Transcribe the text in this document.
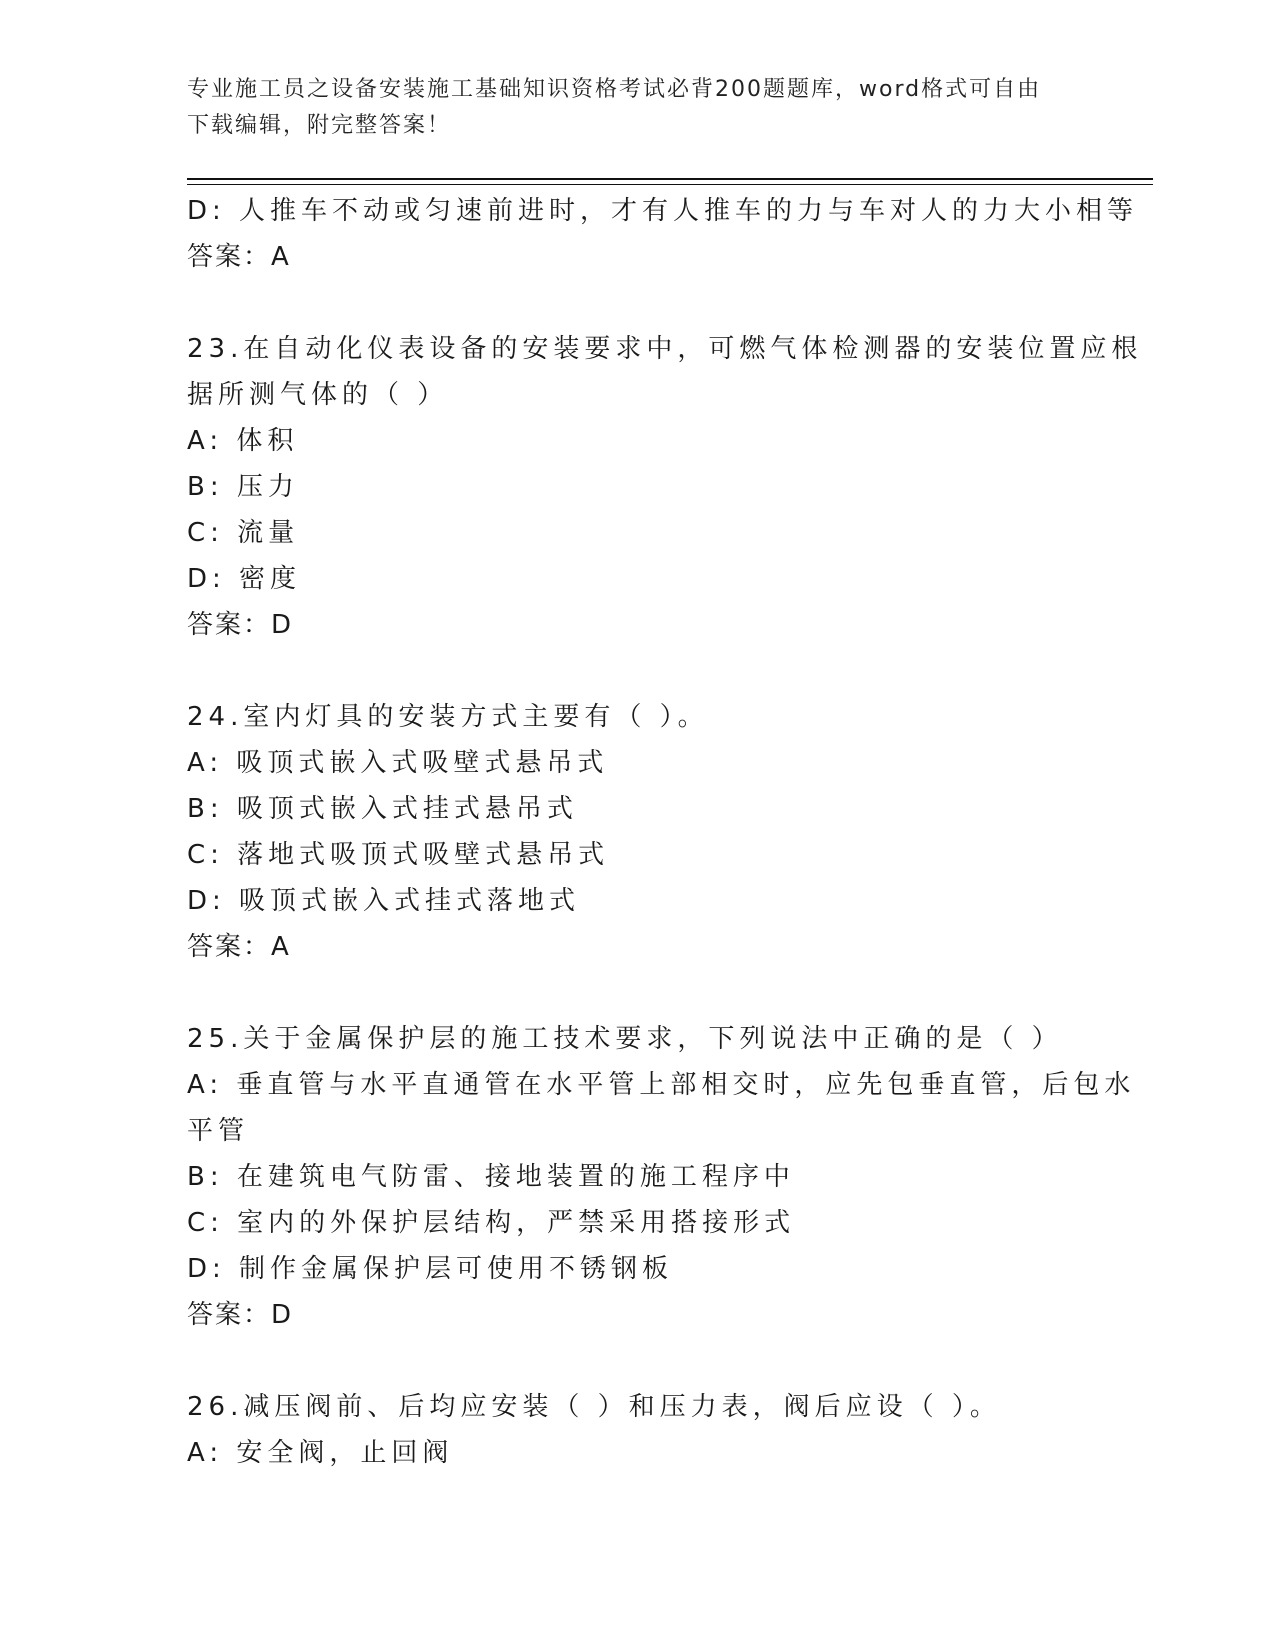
专业施工员之设备安装施工基础知识资格考试必背200题题库，word格式可自由
下载编辑，附完整答案！
D: 人推车不动或匀速前进时，才有人推车的力与车对人的力大小相等
答案：A
23.在自动化仪表设备的安装要求中，可燃气体检测器的安装位置应根
据所测气体的（ ）
A: 体积
B: 压力
C: 流量
D: 密度
答案：D
24.室内灯具的安装方式主要有（ ）。
A: 吸顶式嵌入式吸壁式悬吊式
B: 吸顶式嵌入式挂式悬吊式
C: 落地式吸顶式吸壁式悬吊式
D: 吸顶式嵌入式挂式落地式
答案：A
25.关于金属保护层的施工技术要求，下列说法中正确的是（ ）
A: 垂直管与水平直通管在水平管上部相交时，应先包垂直管，后包水
平管
B: 在建筑电气防雷、接地装置的施工程序中
C: 室内的外保护层结构，严禁采用搭接形式
D: 制作金属保护层可使用不锈钢板
答案：D
26.减压阀前、后均应安装（ ）和压力表，阀后应设（ ）。
A: 安全阀，止回阀
